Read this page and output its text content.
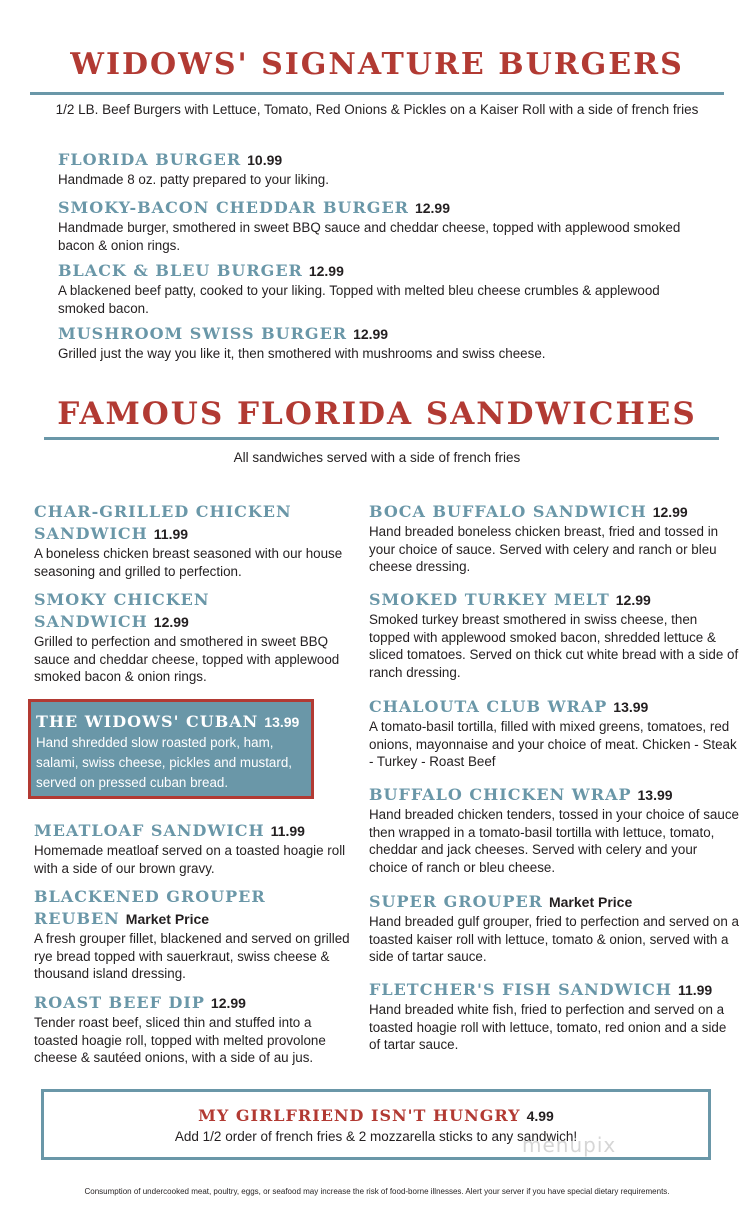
WIDOWS' SIGNATURE BURGERS
1/2 LB. Beef Burgers with Lettuce, Tomato, Red Onions & Pickles on a Kaiser Roll with a side of french fries
FLORIDA BURGER 10.99
Handmade 8 oz. patty prepared to your liking.
SMOKY-BACON CHEDDAR BURGER 12.99
Handmade burger, smothered in sweet BBQ sauce and cheddar cheese, topped with applewood smoked bacon & onion rings.
BLACK & BLEU BURGER 12.99
A blackened beef patty, cooked to your liking. Topped with melted bleu cheese crumbles & applewood smoked bacon.
MUSHROOM SWISS BURGER 12.99
Grilled just the way you like it, then smothered with mushrooms and swiss cheese.
FAMOUS FLORIDA SANDWICHES
All sandwiches served with a side of french fries
CHAR-GRILLED CHICKEN SANDWICH 11.99
A boneless chicken breast seasoned with our house seasoning and grilled to perfection.
SMOKY CHICKEN SANDWICH 12.99
Grilled to perfection and smothered in sweet BBQ sauce and cheddar cheese, topped with applewood smoked bacon & onion rings.
THE WIDOWS' CUBAN 13.99
Hand shredded slow roasted pork, ham, salami, swiss cheese, pickles and mustard, served on pressed cuban bread.
MEATLOAF SANDWICH 11.99
Homemade meatloaf served on a toasted hoagie roll with a side of our brown gravy.
BLACKENED GROUPER REUBEN Market Price
A fresh grouper fillet, blackened and served on grilled rye bread topped with sauerkraut, swiss cheese & thousand island dressing.
ROAST BEEF DIP 12.99
Tender roast beef, sliced thin and stuffed into a toasted hoagie roll, topped with melted provolone cheese & sautéed onions, with a side of au jus.
BOCA BUFFALO SANDWICH 12.99
Hand breaded boneless chicken breast, fried and tossed in your choice of sauce. Served with celery and ranch or bleu cheese dressing.
SMOKED TURKEY MELT 12.99
Smoked turkey breast smothered in swiss cheese, then topped with applewood smoked bacon, shredded lettuce & sliced tomatoes. Served on thick cut white bread with a side of ranch dressing.
CHALOUTA CLUB WRAP 13.99
A tomato-basil tortilla, filled with mixed greens, tomatoes, red onions, mayonnaise and your choice of meat. Chicken - Steak - Turkey - Roast Beef
BUFFALO CHICKEN WRAP 13.99
Hand breaded chicken tenders, tossed in your choice of sauce then wrapped in a tomato-basil tortilla with lettuce, tomato, cheddar and jack cheeses. Served with celery and your choice of ranch or bleu cheese.
SUPER GROUPER Market Price
Hand breaded gulf grouper, fried to perfection and served on a toasted kaiser roll with lettuce, tomato & onion, served with a side of tartar sauce.
FLETCHER'S FISH SANDWICH 11.99
Hand breaded white fish, fried to perfection and served on a toasted hoagie roll with lettuce, tomato, red onion and a side of tartar sauce.
MY GIRLFRIEND ISN'T HUNGRY 4.99
Add 1/2 order of french fries & 2 mozzarella sticks to any sandwich!
menupix
Consumption of undercooked meat, poultry, eggs, or seafood may increase the risk of food-borne illnesses. Alert your server if you have special dietary requirements.
